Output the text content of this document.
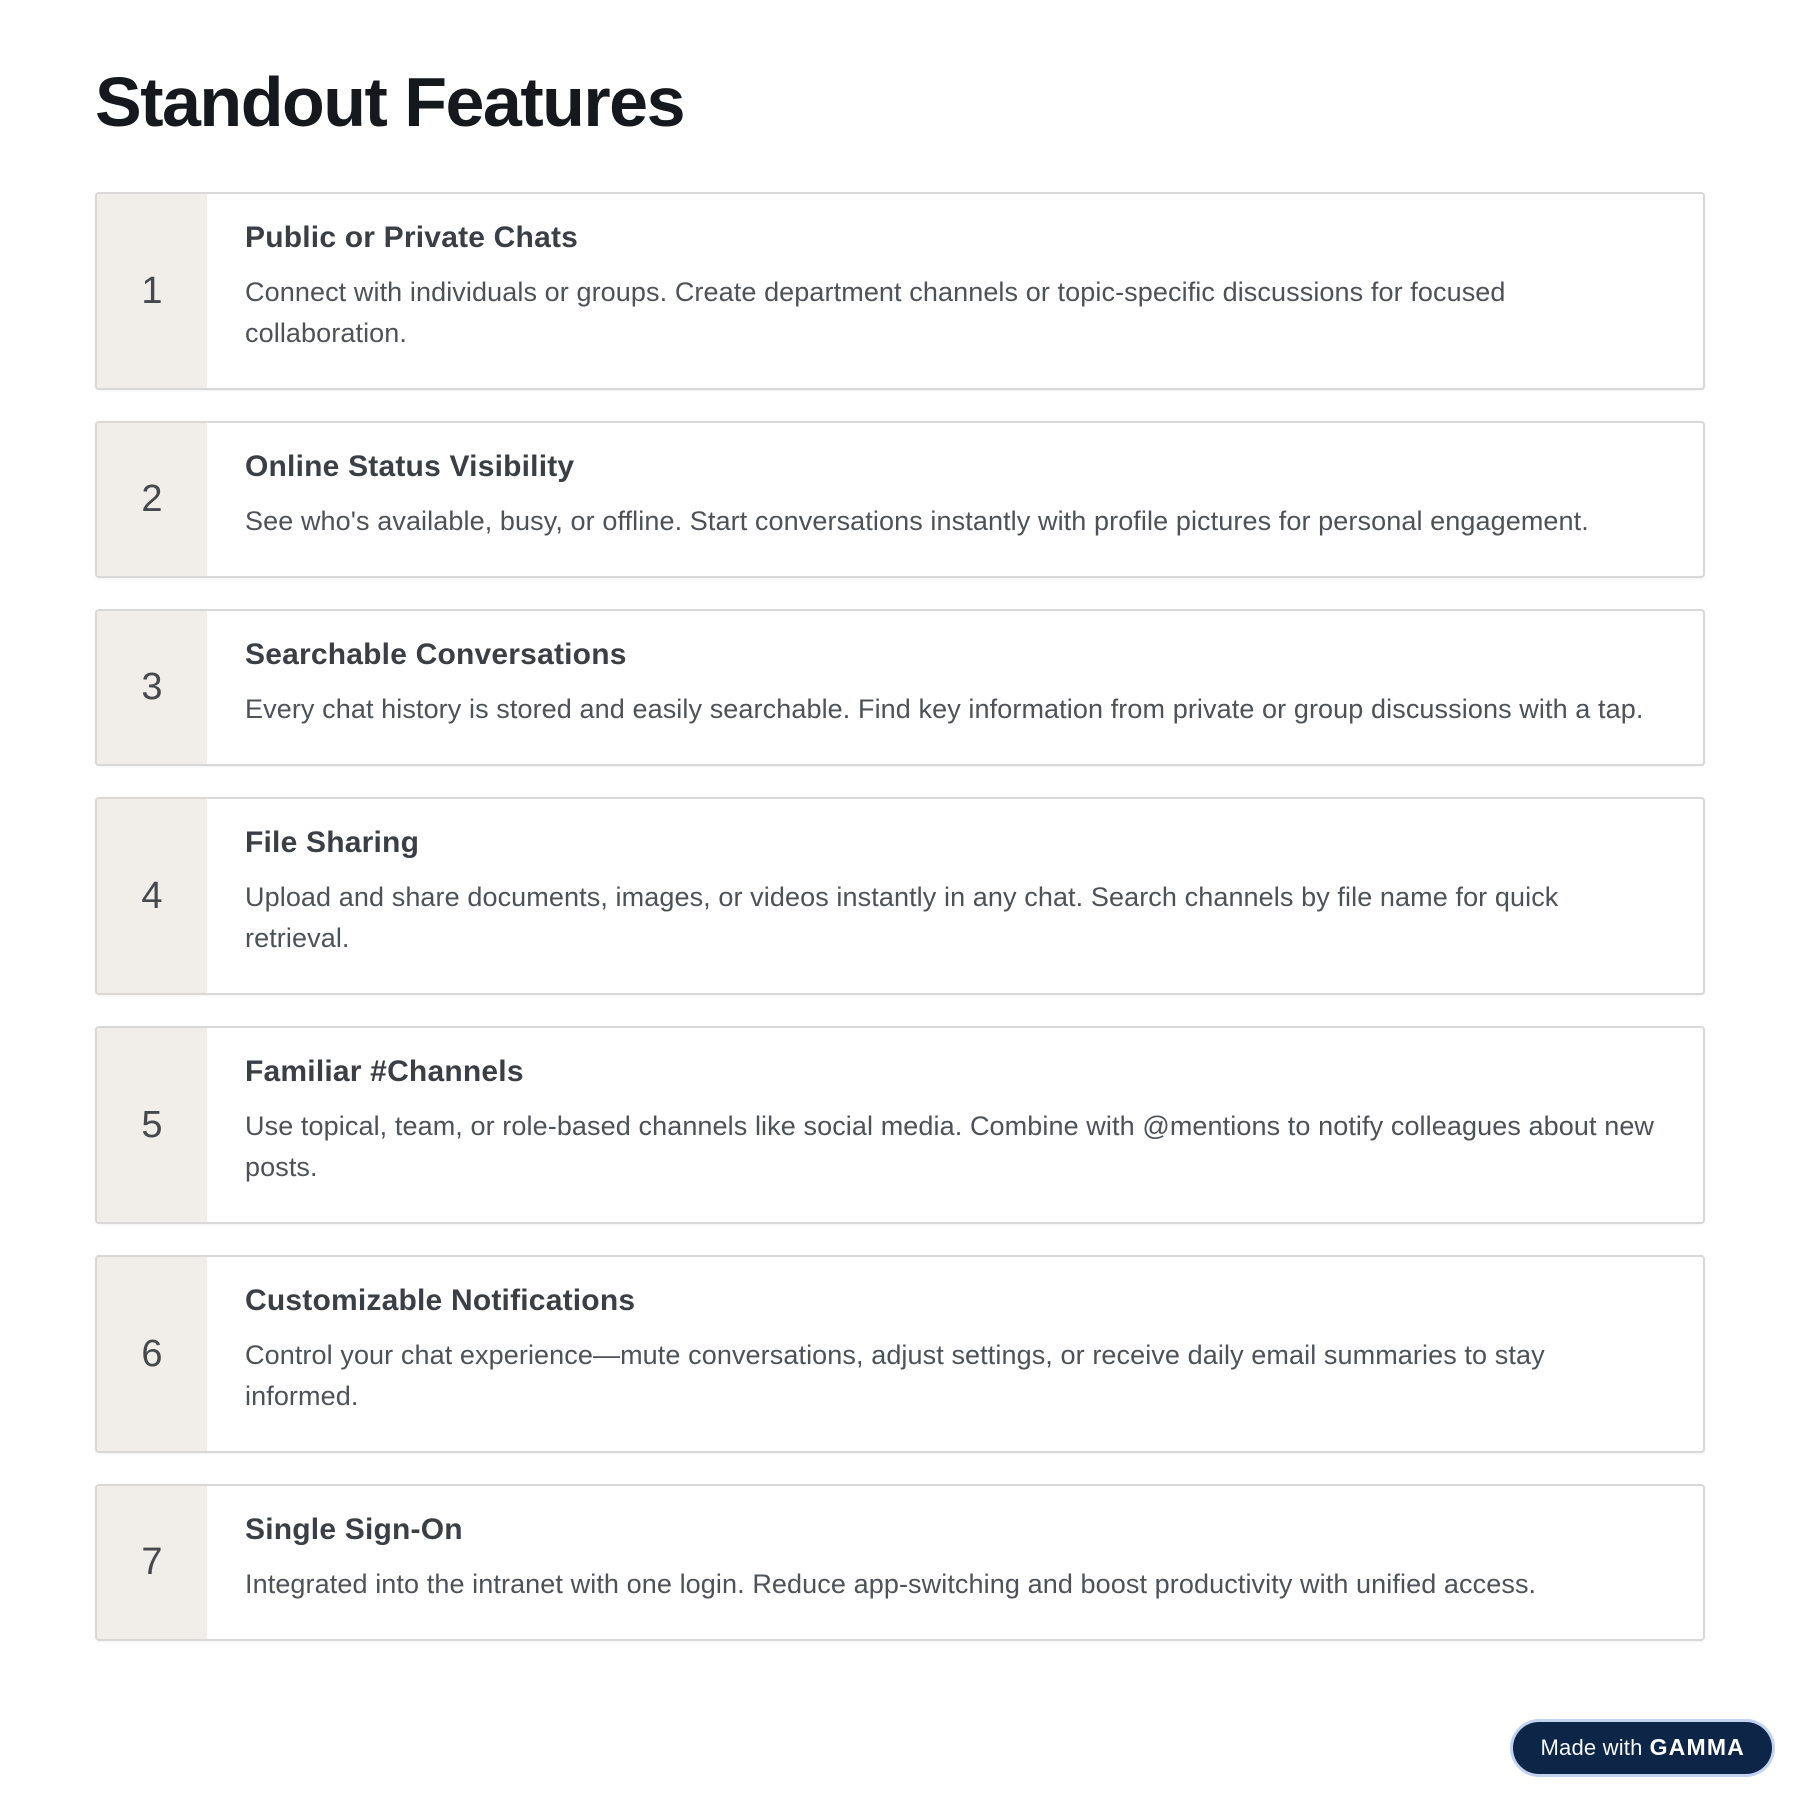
Standout Features
1
Public or Private Chats
Connect with individuals or groups. Create department channels or topic-specific discussions for focused collaboration.
2
Online Status Visibility
See who's available, busy, or offline. Start conversations instantly with profile pictures for personal engagement.
3
Searchable Conversations
Every chat history is stored and easily searchable. Find key information from private or group discussions with a tap.
4
File Sharing
Upload and share documents, images, or videos instantly in any chat. Search channels by file name for quick retrieval.
5
Familiar #Channels
Use topical, team, or role-based channels like social media. Combine with @mentions to notify colleagues about new posts.
6
Customizable Notifications
Control your chat experience—mute conversations, adjust settings, or receive daily email summaries to stay informed.
7
Single Sign-On
Integrated into the intranet with one login. Reduce app-switching and boost productivity with unified access.
Made with GAMMA
